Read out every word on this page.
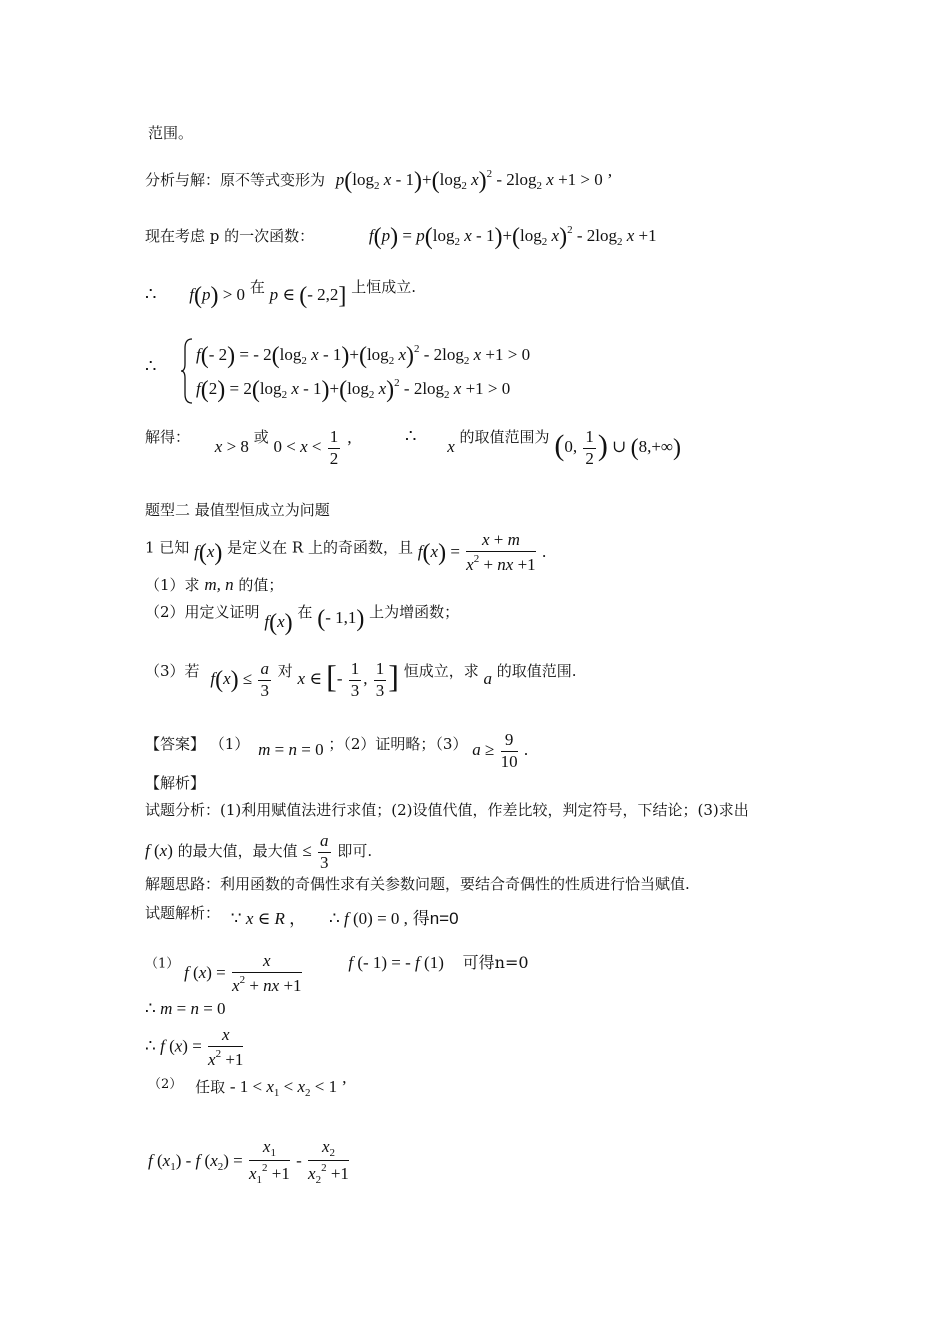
范围。
分析与解：原不等式变形为 $p(\log_2$ $x - 1)+(\log_2$ $x)^2 - 2\log_2$ x +1 > 0 ’
现在考虑 p 的一次函数：	$f(p) = p(\log_2$ $x - 1)+(\log_2$ $x)^2 - 2\log_2$ x +1
∴ f(p) > 0 在 p ∈ (- 2,2] 上恒成立.
∴
f(- 2) = - $2(\log_2$ $x - 1)+(\log_2$ $x)^2 - 2\log_2$ x +1 > 0
$f(2) = 2(\log_2$ $x - 1)+(\log_2$ $x)^2 - 2\log_2$ x +1 > 0
解得： x > 8 或 $0 < x < \frac{1}{2}$ ’	∴ x 的取值范围为 (0, $\frac{1}{2}$ ) ∪ (8,+∞)
题型二 最值型恒成立为问题
1 已知 f(x) 是定义在 R 上的奇函数，且 $f(x) = \frac{x + m}{x^2 + nx +1}$ .
（1）求 m, n 的值；
（2）用定义证明 f(x) 在 (- 1,1) 上为增函数；
（3）若 $f(x) \le \frac{a}{3}$ 对 x ∈ [- $\frac{1}{3}$ , $\frac{1}{3}$ ] 恒成立，求 a 的取值范围.
【答案】 （1） m = n = 0 ；（2）证明略；（3） $a \ge \frac{9}{10}$ .
【解析】
试题分析：(1)利用赋值法进行求值；(2)设值代值，作差比较，判定符号，下结论；(3)求出
f (x) 的最大值，最大值 ≤ $\frac{a}{3}$ 即可.
解题思路：利用函数的奇偶性求有关参数问题，要结合奇偶性的性质进行恰当赋值.
试题解析： ∵ x ∈ R ， ∴ f (0) = 0 , 得n=0
（1） f $(x) = \frac{x}{x^2 + nx +1}$	f (- 1) = - f (1) 可得n=0
∴ m = n = 0
∴ f $(x) = \frac{x}{x^2 +1}$
（2） 任取 - $1 < x_1 < x_2 < 1$ ’
f $(x_1)$ - f $(x_2) = \frac{x_1}{x_1^2 +1} - \frac{x_2}{x_2^2 +1}$
